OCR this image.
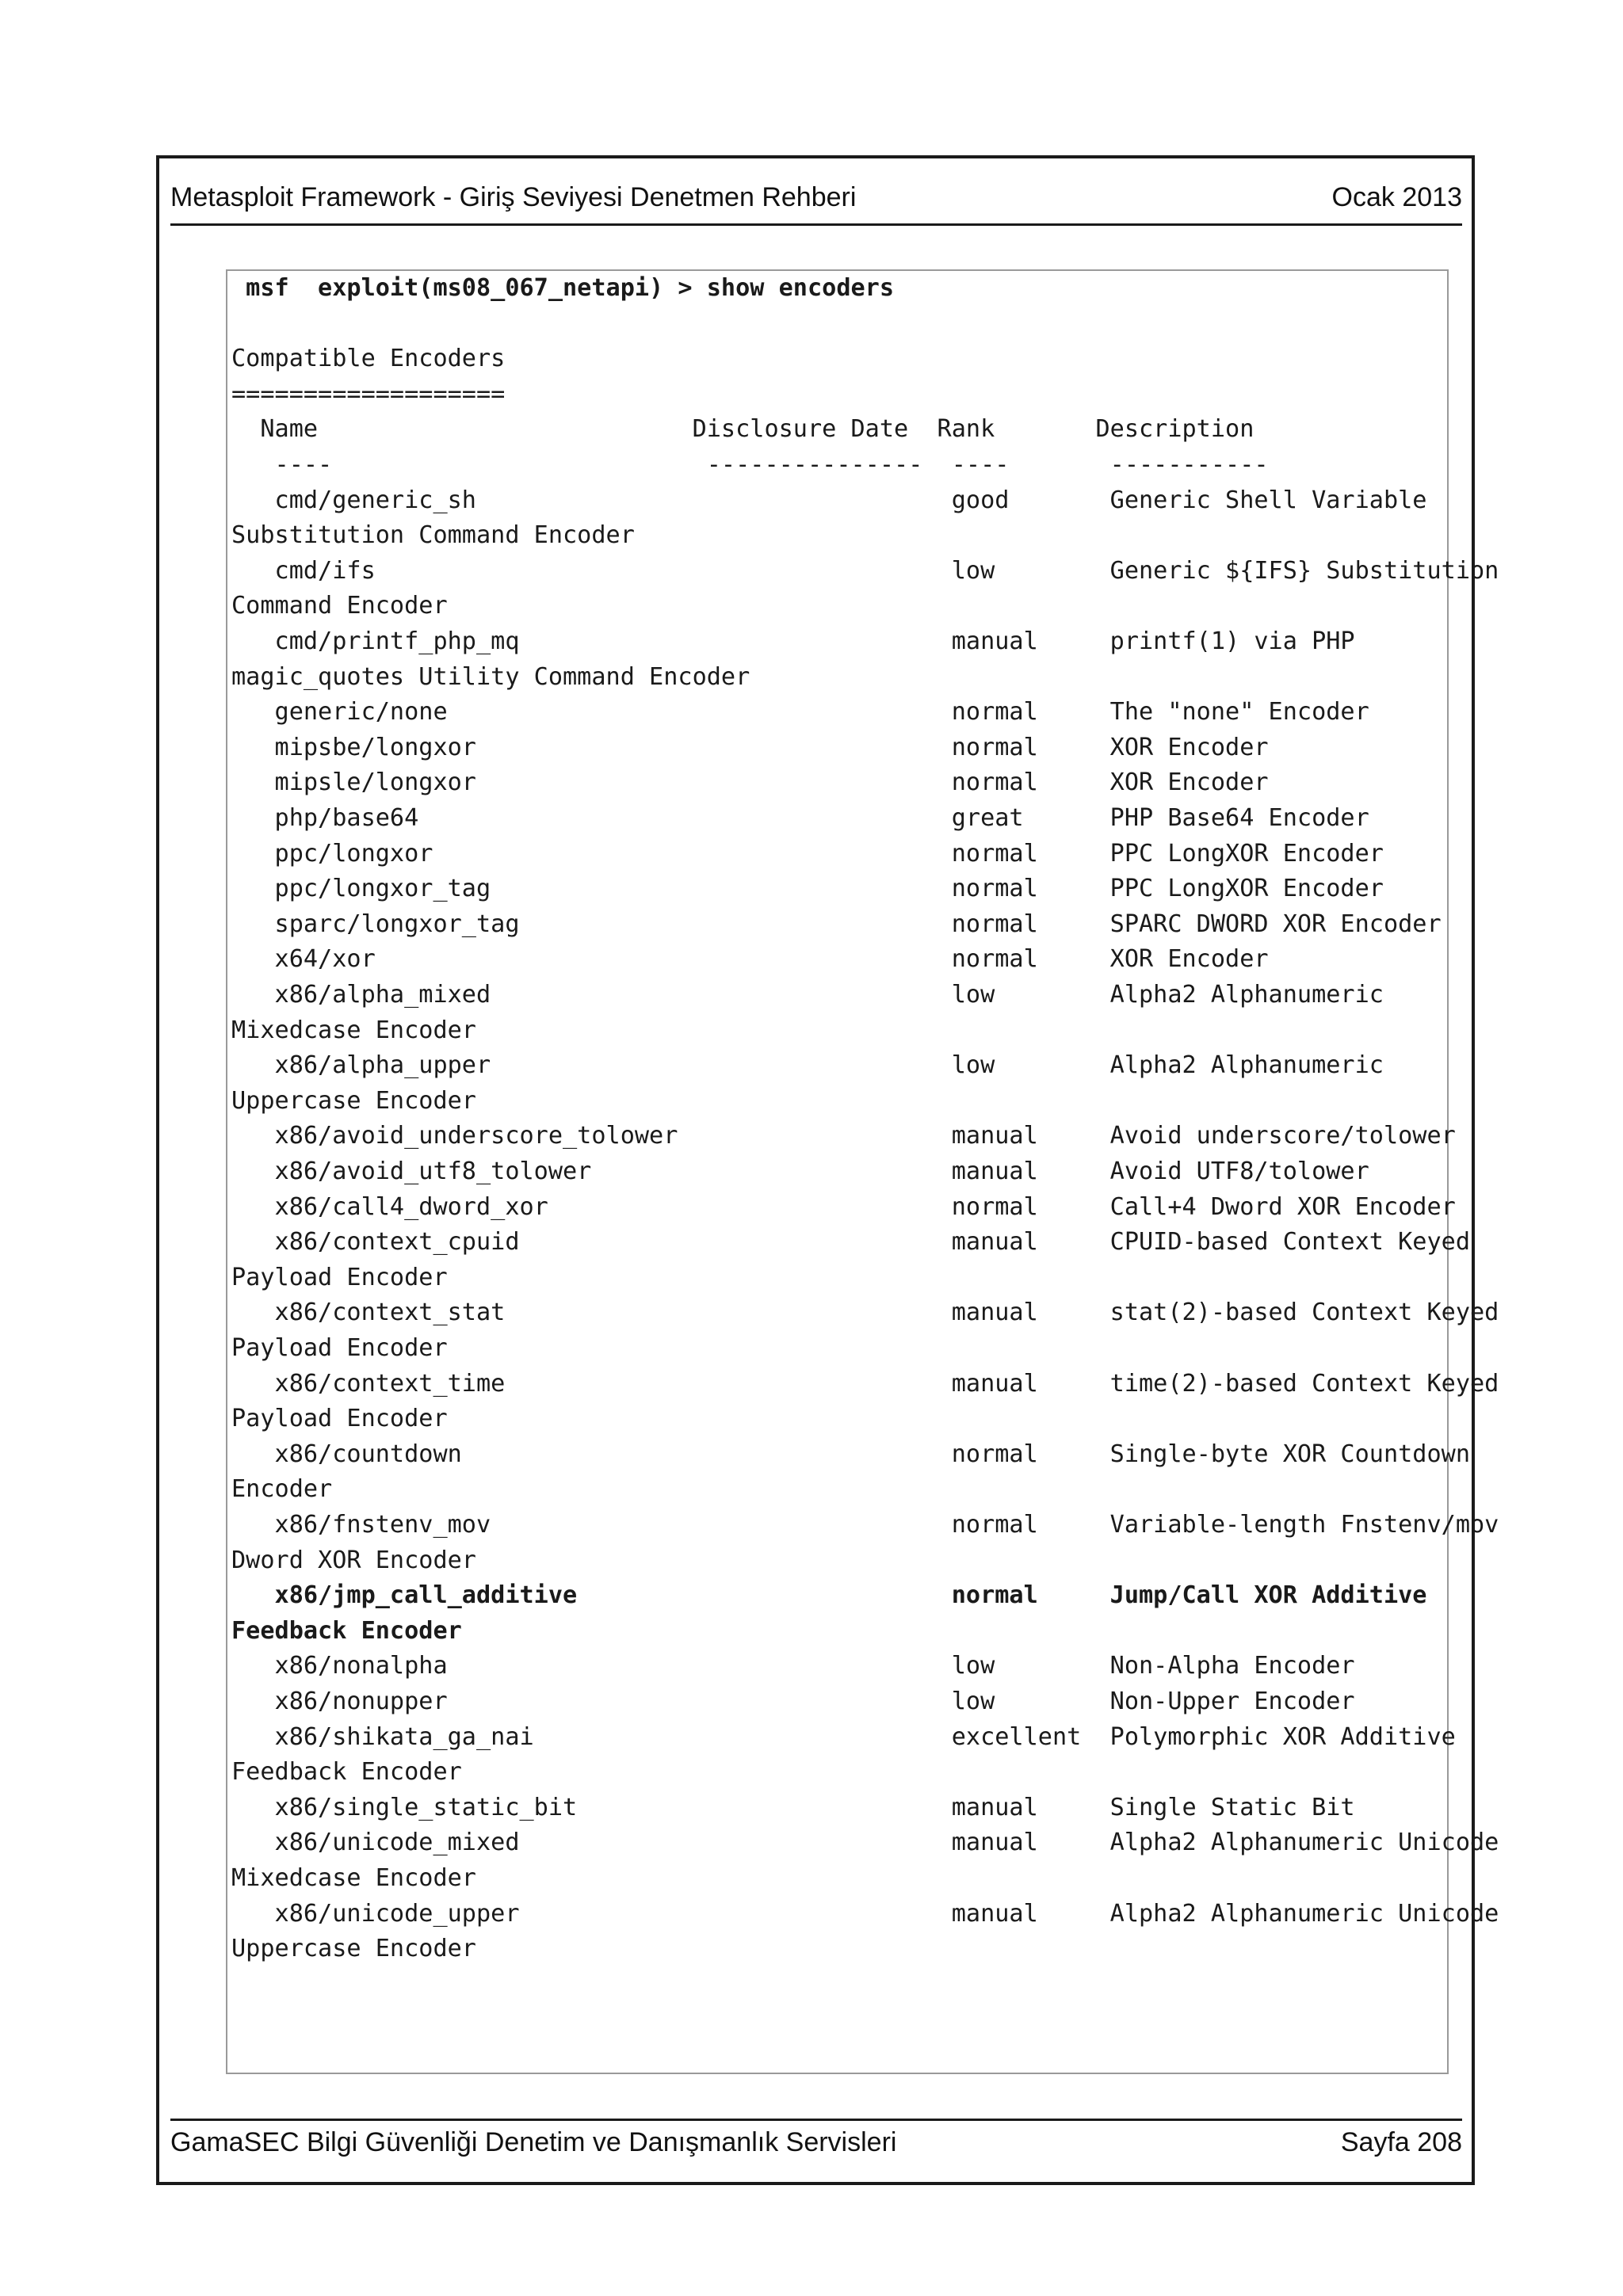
Metasploit Framework - Giriş Seviyesi Denetmen Rehberi	Ocak 2013
msf  exploit(ms08_067_netapi) > show encoders
Compatible Encoders
===================
Name                          Disclosure Date  Rank       Description
----                          ---------------  ----       -----------
cmd/generic_sh                                 good       Generic Shell Variable
Substitution Command Encoder
cmd/ifs                                        low        Generic ${IFS} Substitution
Command Encoder
cmd/printf_php_mq                              manual     printf(1) via PHP
magic_quotes Utility Command Encoder
generic/none                                   normal     The "none" Encoder
mipsbe/longxor                                 normal     XOR Encoder
mipsle/longxor                                 normal     XOR Encoder
php/base64                                     great      PHP Base64 Encoder
ppc/longxor                                    normal     PPC LongXOR Encoder
ppc/longxor_tag                                normal     PPC LongXOR Encoder
sparc/longxor_tag                              normal     SPARC DWORD XOR Encoder
x64/xor                                        normal     XOR Encoder
x86/alpha_mixed                                low        Alpha2 Alphanumeric
Mixedcase Encoder
x86/alpha_upper                                low        Alpha2 Alphanumeric
Uppercase Encoder
x86/avoid_underscore_tolower                   manual     Avoid underscore/tolower
x86/avoid_utf8_tolower                         manual     Avoid UTF8/tolower
x86/call4_dword_xor                            normal     Call+4 Dword XOR Encoder
x86/context_cpuid                              manual     CPUID-based Context Keyed
Payload Encoder
x86/context_stat                               manual     stat(2)-based Context Keyed
Payload Encoder
x86/context_time                               manual     time(2)-based Context Keyed
Payload Encoder
x86/countdown                                  normal     Single-byte XOR Countdown
Encoder
x86/fnstenv_mov                                normal     Variable-length Fnstenv/mov
Dword XOR Encoder
x86/jmp_call_additive                          normal     Jump/Call XOR Additive
Feedback Encoder
x86/nonalpha                                   low        Non-Alpha Encoder
x86/nonupper                                   low        Non-Upper Encoder
x86/shikata_ga_nai                             excellent  Polymorphic XOR Additive
Feedback Encoder
x86/single_static_bit                          manual     Single Static Bit
x86/unicode_mixed                              manual     Alpha2 Alphanumeric Unicode
Mixedcase Encoder
x86/unicode_upper                              manual     Alpha2 Alphanumeric Unicode
Uppercase Encoder
GamaSEC Bilgi Güvenliği Denetim ve Danışmanlık Servisleri	Sayfa 208
